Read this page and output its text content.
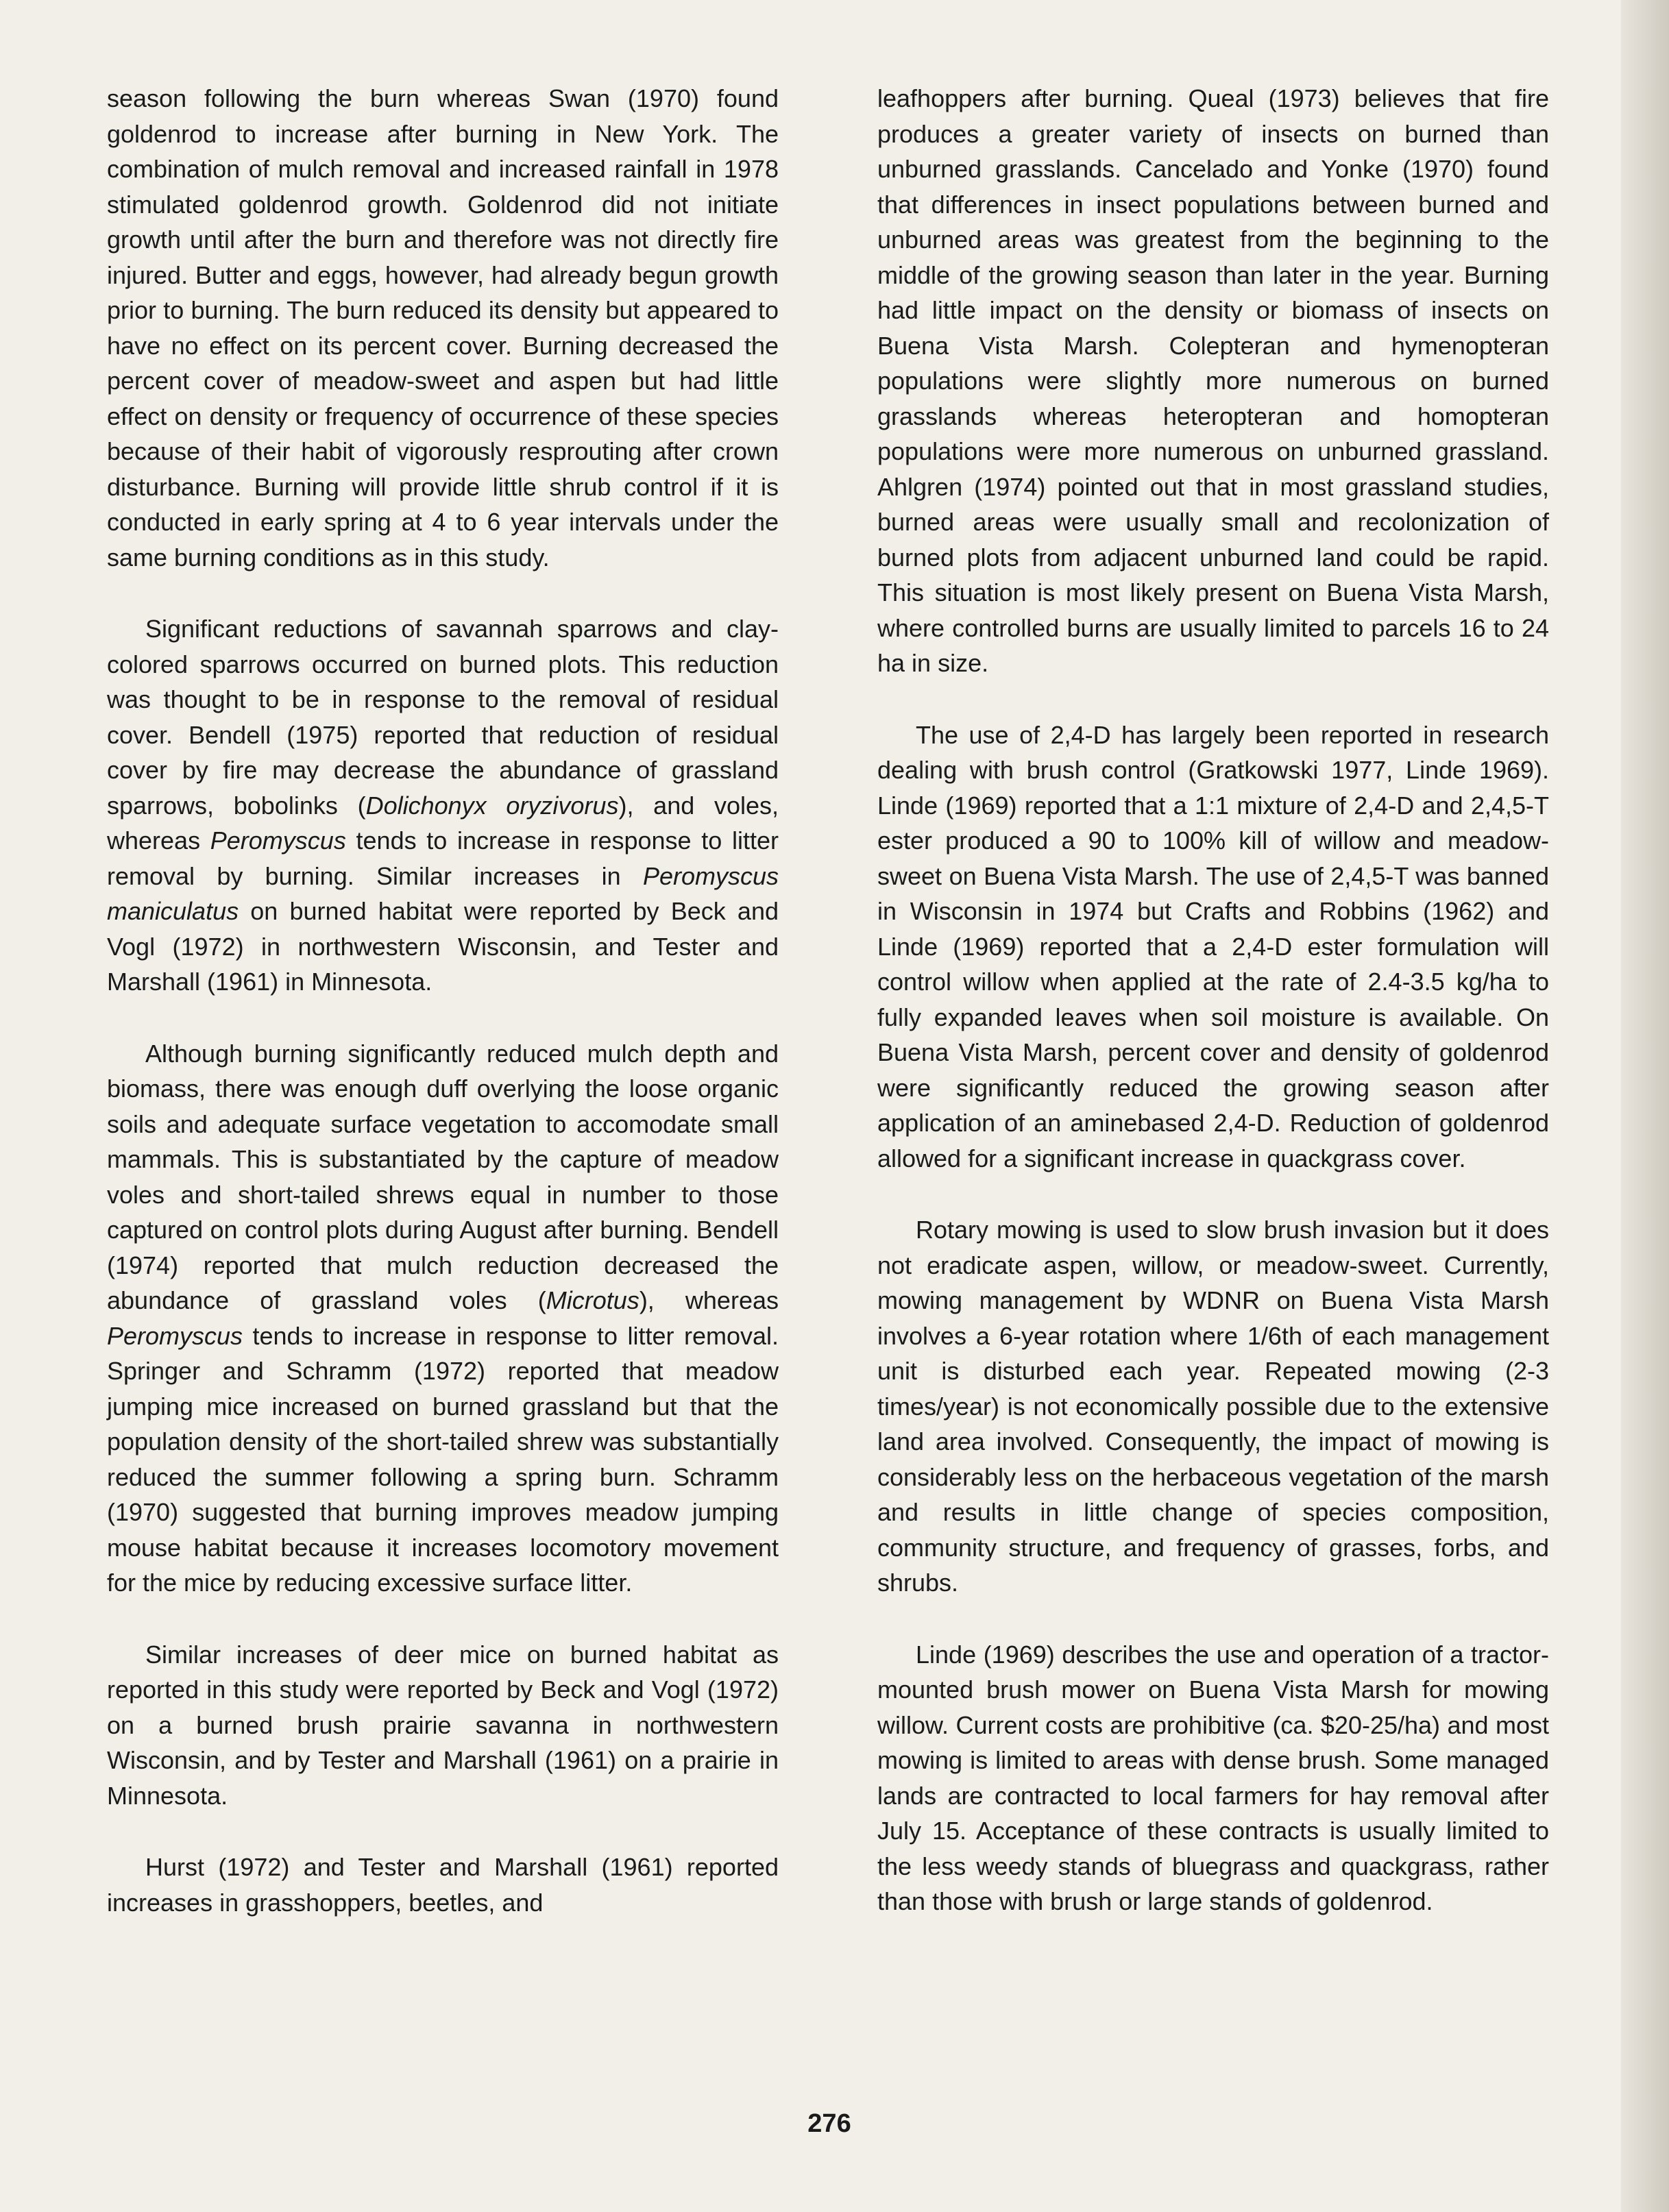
season following the burn whereas Swan (1970) found goldenrod to increase after burning in New York. The combination of mulch removal and increased rainfall in 1978 stimulated goldenrod growth. Goldenrod did not initiate growth until after the burn and therefore was not directly fire injured. Butter and eggs, however, had already begun growth prior to burning. The burn reduced its density but appeared to have no effect on its percent cover. Burning decreased the percent cover of meadow-sweet and aspen but had little effect on density or frequency of occurrence of these species because of their habit of vigorously resprouting after crown disturbance. Burning will provide little shrub control if it is conducted in early spring at 4 to 6 year intervals under the same burning conditions as in this study.

Significant reductions of savannah sparrows and clay-colored sparrows occurred on burned plots. This reduction was thought to be in response to the removal of residual cover. Bendell (1975) reported that reduction of residual cover by fire may decrease the abundance of grassland sparrows, bobolinks (Dolichonyx oryzivorus), and voles, whereas Peromyscus tends to increase in response to litter removal by burning. Similar increases in Peromyscus maniculatus on burned habitat were reported by Beck and Vogl (1972) in northwestern Wisconsin, and Tester and Marshall (1961) in Minnesota.

Although burning significantly reduced mulch depth and biomass, there was enough duff overlying the loose organic soils and adequate surface vegetation to accomodate small mammals. This is substantiated by the capture of meadow voles and short-tailed shrews equal in number to those captured on control plots during August after burning. Bendell (1974) reported that mulch reduction decreased the abundance of grassland voles (Microtus), whereas Peromyscus tends to increase in response to litter removal. Springer and Schramm (1972) reported that meadow jumping mice increased on burned grassland but that the population density of the short-tailed shrew was substantially reduced the summer following a spring burn. Schramm (1970) suggested that burning improves meadow jumping mouse habitat because it increases locomotory movement for the mice by reducing excessive surface litter.

Similar increases of deer mice on burned habitat as reported in this study were reported by Beck and Vogl (1972) on a burned brush prairie savanna in northwestern Wisconsin, and by Tester and Marshall (1961) on a prairie in Minnesota.

Hurst (1972) and Tester and Marshall (1961) reported increases in grasshoppers, beetles, and

leafhoppers after burning. Queal (1973) believes that fire produces a greater variety of insects on burned than unburned grasslands. Cancelado and Yonke (1970) found that differences in insect populations between burned and unburned areas was greatest from the beginning to the middle of the growing season than later in the year. Burning had little impact on the density or biomass of insects on Buena Vista Marsh. Colepteran and hymenopteran populations were slightly more numerous on burned grasslands whereas heteropteran and homopteran populations were more numerous on unburned grassland. Ahlgren (1974) pointed out that in most grassland studies, burned areas were usually small and recolonization of burned plots from adjacent unburned land could be rapid. This situation is most likely present on Buena Vista Marsh, where controlled burns are usually limited to parcels 16 to 24 ha in size.

The use of 2,4-D has largely been reported in research dealing with brush control (Gratkowski 1977, Linde 1969). Linde (1969) reported that a 1:1 mixture of 2,4-D and 2,4,5-T ester produced a 90 to 100% kill of willow and meadow-sweet on Buena Vista Marsh. The use of 2,4,5-T was banned in Wisconsin in 1974 but Crafts and Robbins (1962) and Linde (1969) reported that a 2,4-D ester formulation will control willow when applied at the rate of 2.4-3.5 kg/ha to fully expanded leaves when soil moisture is available. On Buena Vista Marsh, percent cover and density of goldenrod were significantly reduced the growing season after application of an aminebased 2,4-D. Reduction of goldenrod allowed for a significant increase in quackgrass cover.

Rotary mowing is used to slow brush invasion but it does not eradicate aspen, willow, or meadow-sweet. Currently, mowing management by WDNR on Buena Vista Marsh involves a 6-year rotation where 1/6th of each management unit is disturbed each year. Repeated mowing (2-3 times/year) is not economically possible due to the extensive land area involved. Consequently, the impact of mowing is considerably less on the herbaceous vegetation of the marsh and results in little change of species composition, community structure, and frequency of grasses, forbs, and shrubs.

Linde (1969) describes the use and operation of a tractor-mounted brush mower on Buena Vista Marsh for mowing willow. Current costs are prohibitive (ca. $20-25/ha) and most mowing is limited to areas with dense brush. Some managed lands are contracted to local farmers for hay removal after July 15. Acceptance of these contracts is usually limited to the less weedy stands of bluegrass and quackgrass, rather than those with brush or large stands of goldenrod.

276
